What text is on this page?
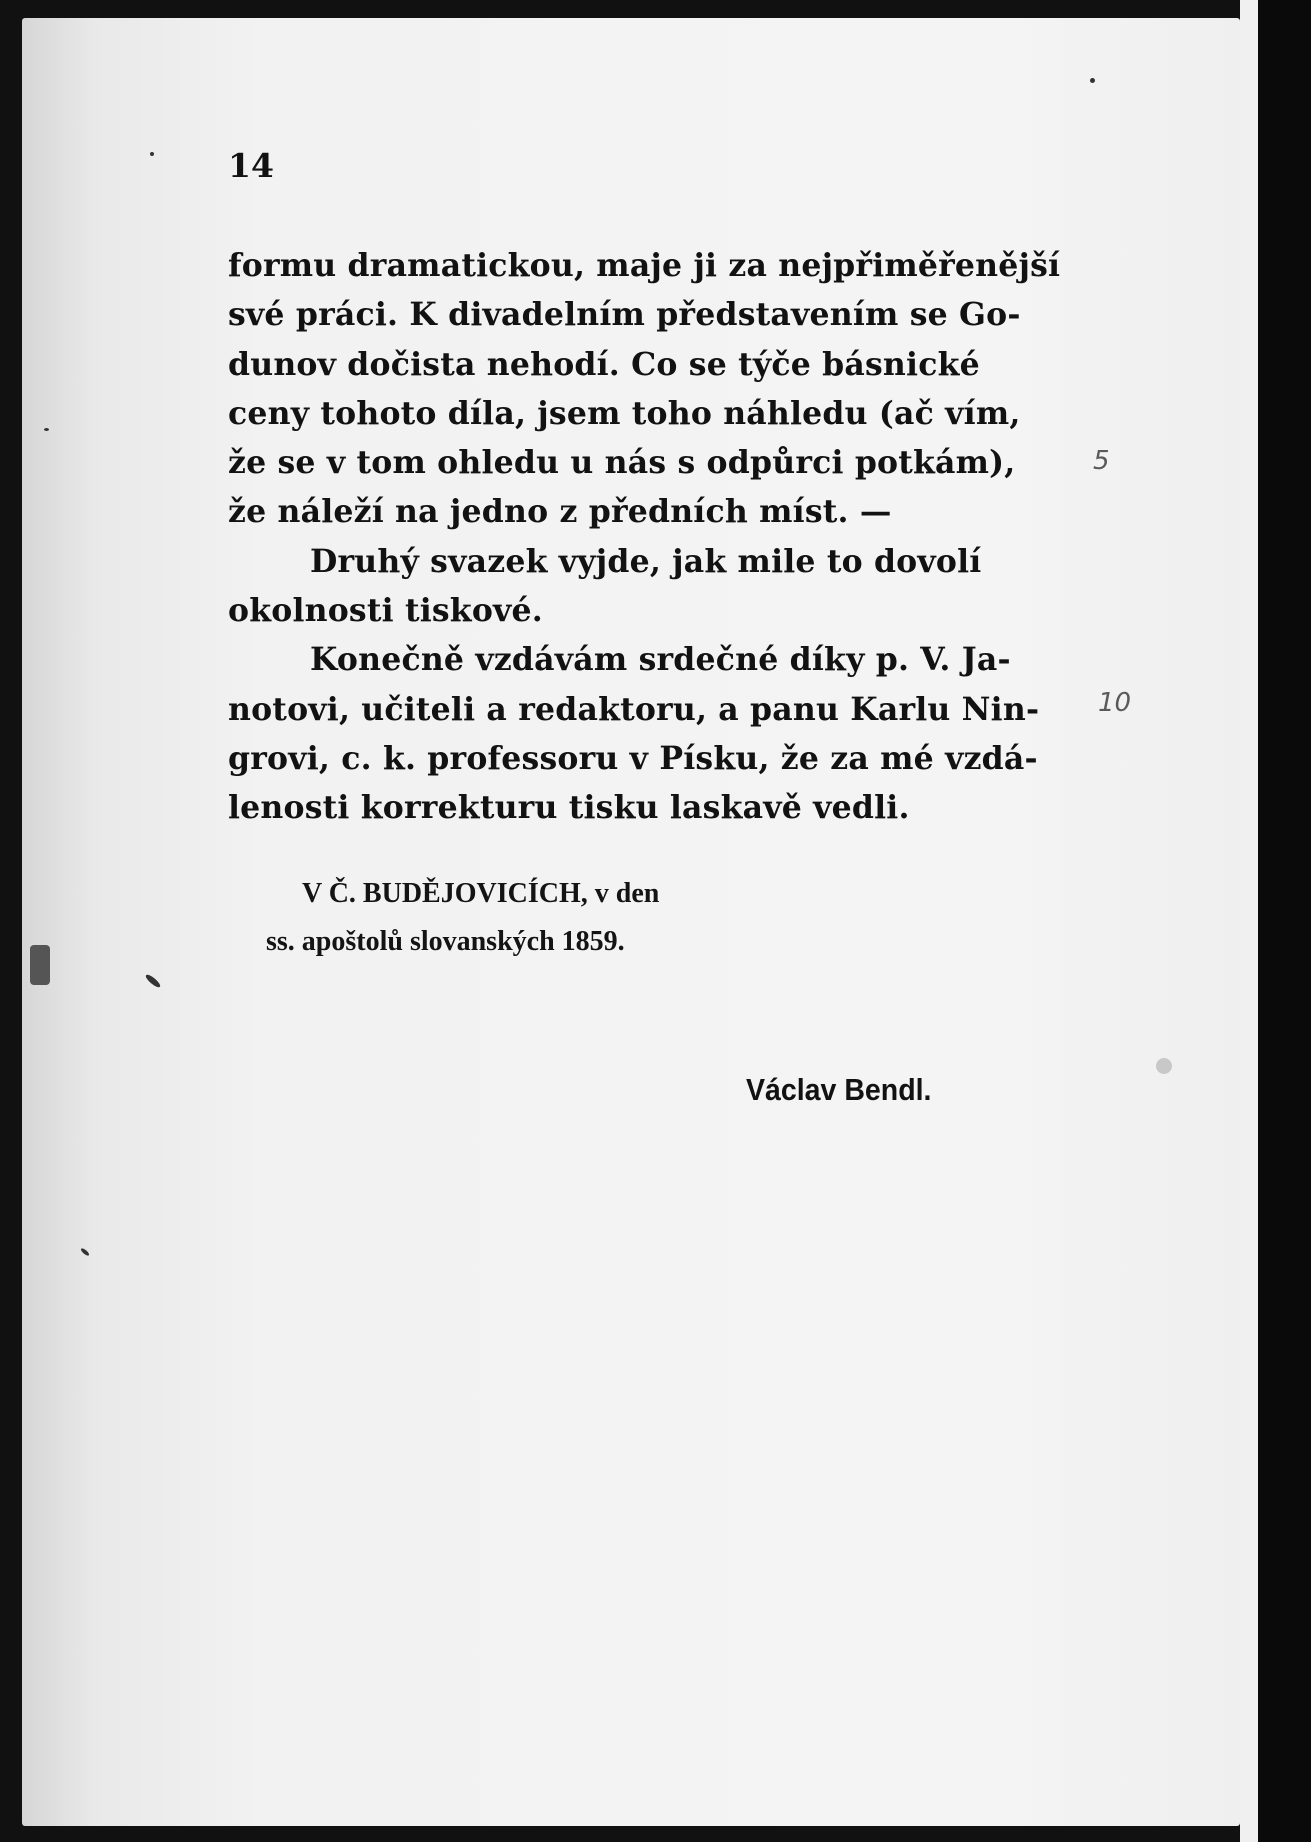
14
formu dramatickou, maje ji za nejpřiměřenější
své práci. K divadelním představením se Go-
dunov dočista nehodí. Co se týče básnické
ceny tohoto díla, jsem toho náhledu (ač vím,
že se v tom ohledu u nás s odpůrci potkám),
že náleží na jedno z předních míst. —
Druhý svazek vyjde, jak mile to dovolí
okolnosti tiskové.
Konečně vzdávám srdečné díky p. V. Ja-
notovi, učiteli a redaktoru, a panu Karlu Nin-
grovi, c. k. professoru v Písku, že za mé vzdá-
lenosti korrekturu tisku laskavě vedli.
5
10
V Č. BUDĚJOVICÍCH, v den
ss. apoštolů slovanských 1859.
Václav Bendl.
